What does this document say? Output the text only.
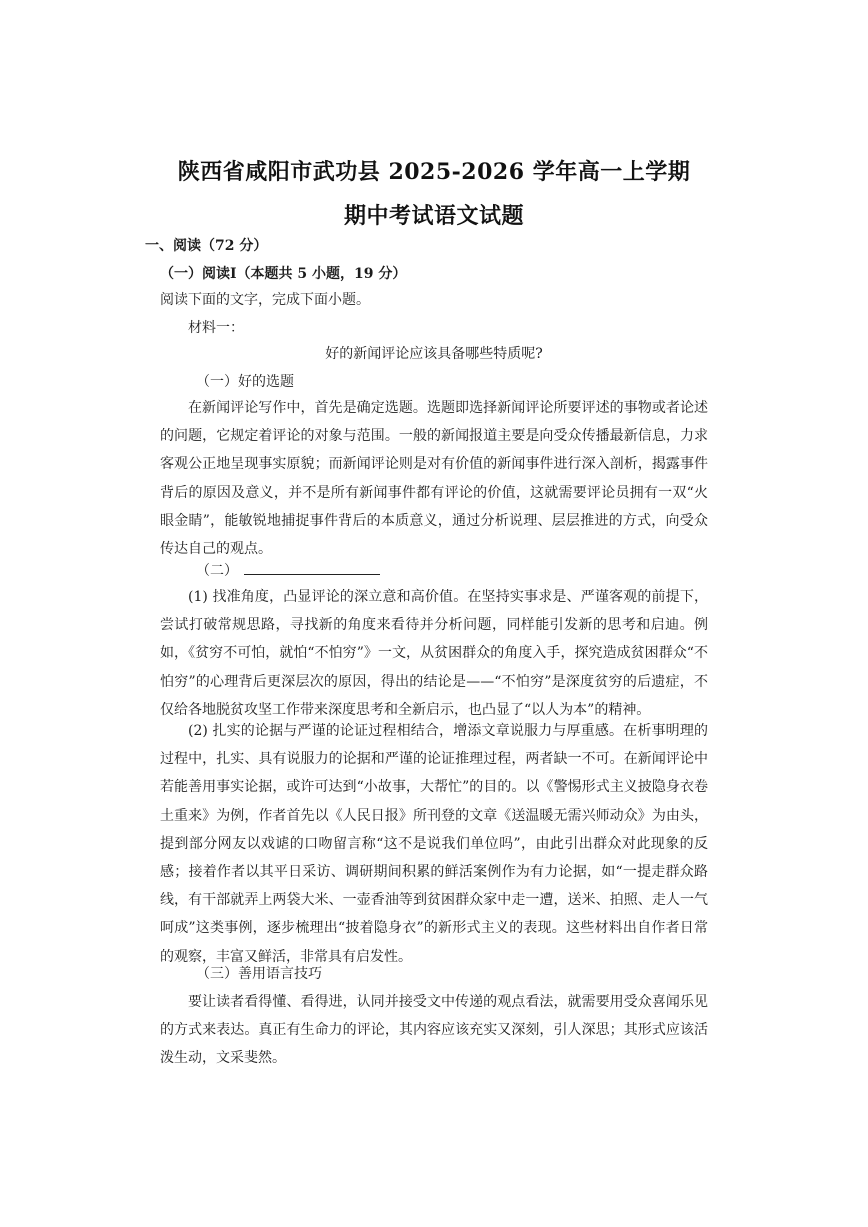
陕西省咸阳市武功县 2025-2026 学年高一上学期
期中考试语文试题
一、阅读（72 分）
（一）阅读Ⅰ（本题共 5 小题，19 分）
阅读下面的文字，完成下面小题。
材料一：
好的新闻评论应该具备哪些特质呢?
（一）好的选题

在新闻评论写作中，首先是确定选题。选题即选择新闻评论所要评述的事物或者论述的问题，它规定着评论的对象与范围。一般的新闻报道主要是向受众传播最新信息，力求客观公正地呈现事实原貌；而新闻评论则是对有价值的新闻事件进行深入剖析，揭露事件背后的原因及意义，并不是所有新闻事件都有评论的价值，这就需要评论员拥有一双“火眼金睛”，能敏锐地捕捉事件背后的本质意义，通过分析说理、层层推进的方式，向受众传达自己的观点。

（二）

(1) 找准角度，凸显评论的深立意和高价值。在坚持实事求是、严谨客观的前提下，尝试打破常规思路，寻找新的角度来看待并分析问题，同样能引发新的思考和启迪。例如，《贫穷不可怕，就怕“不怕穷”》一文，从贫困群众的角度入手，探究造成贫困群众“不怕穷”的心理背后更深层次的原因，得出的结论是——“不怕穷”是深度贫穷的后遗症，不仅给各地脱贫攻坚工作带来深度思考和全新启示，也凸显了“以人为本”的精神。

(2) 扎实的论据与严谨的论证过程相结合，增添文章说服力与厚重感。在析事明理的过程中，扎实、具有说服力的论据和严谨的论证推理过程，两者缺一不可。在新闻评论中若能善用事实论据，或许可达到“小故事，大帮忙”的目的。以《警惕形式主义披隐身衣卷土重来》为例，作者首先以《人民日报》所刊登的文章《送温暖无需兴师动众》为由头，提到部分网友以戏谑的口吻留言称“这不是说我们单位吗”，由此引出群众对此现象的反感；接着作者以其平日采访、调研期间积累的鲜活案例作为有力论据，如“一提走群众路线，有干部就弄上两袋大米、一壶香油等到贫困群众家中走一遭，送米、拍照、走人一气呵成”这类事例，逐步梳理出“披着隐身衣”的新形式主义的表现。这些材料出自作者日常的观察，丰富又鲜活，非常具有启发性。

（三）善用语言技巧

要让读者看得懂、看得进，认同并接受文中传递的观点看法，就需要用受众喜闻乐见的方式来表达。真正有生命力的评论，其内容应该充实又深刻，引人深思；其形式应该活泼生动，文采斐然。
